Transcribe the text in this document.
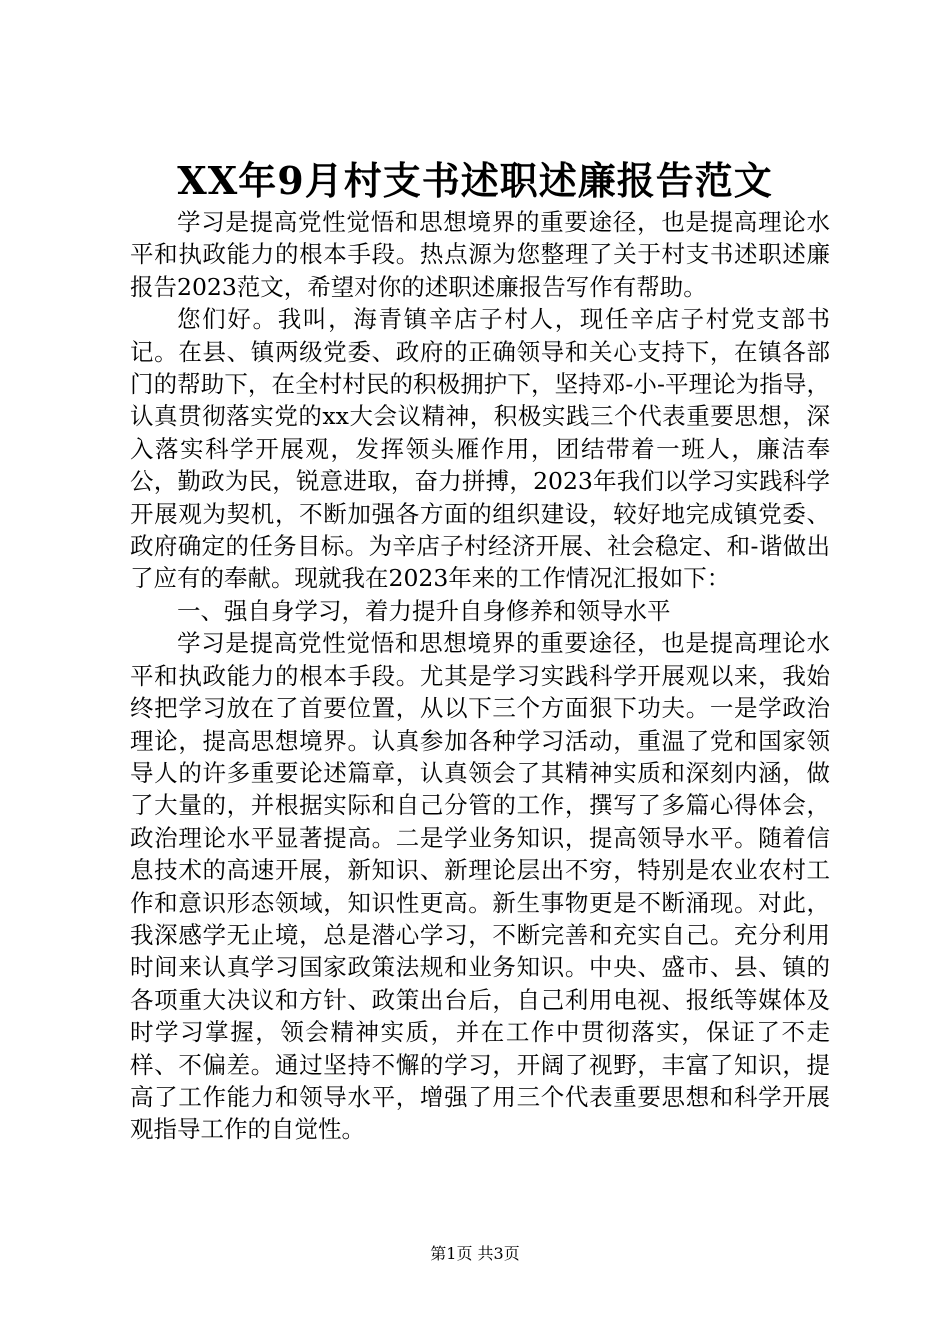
XX年9月村支书述职述廉报告范文

学习是提高党性觉悟和思想境界的重要途径，也是提高理论水平和执政能力的根本手段。热点源为您整理了关于村支书述职述廉报告2023范文，希望对你的述职述廉报告写作有帮助。

您们好。我叫，海青镇辛店子村人，现任辛店子村党支部书记。在县、镇两级党委、政府的正确领导和关心支持下，在镇各部门的帮助下，在全村村民的积极拥护下，坚持邓-小-平理论为指导，认真贯彻落实党的xx大会议精神，积极实践三个代表重要思想，深入落实科学开展观，发挥领头雁作用，团结带着一班人，廉洁奉公，勤政为民，锐意进取，奋力拼搏，2023年我们以学习实践科学开展观为契机，不断加强各方面的组织建设，较好地完成镇党委、政府确定的任务目标。为辛店子村经济开展、社会稳定、和-谐做出了应有的奉献。现就我在2023年来的工作情况汇报如下：

一、强自身学习，着力提升自身修养和领导水平

学习是提高党性觉悟和思想境界的重要途径，也是提高理论水平和执政能力的根本手段。尤其是学习实践科学开展观以来，我始终把学习放在了首要位置，从以下三个方面狠下功夫。一是学政治理论，提高思想境界。认真参加各种学习活动，重温了党和国家领导人的许多重要论述篇章，认真领会了其精神实质和深刻内涵，做了大量的，并根据实际和自己分管的工作，撰写了多篇心得体会，政治理论水平显著提高。二是学业务知识，提高领导水平。随着信息技术的高速开展，新知识、新理论层出不穷，特别是农业农村工作和意识形态领域，知识性更高。新生事物更是不断涌现。对此，我深感学无止境，总是潜心学习，不断完善和充实自己。充分利用时间来认真学习国家政策法规和业务知识。中央、盛市、县、镇的各项重大决议和方针、政策出台后，自己利用电视、报纸等媒体及时学习掌握，领会精神实质，并在工作中贯彻落实，保证了不走样、不偏差。通过坚持不懈的学习，开阔了视野，丰富了知识，提高了工作能力和领导水平，增强了用三个代表重要思想和科学开展观指导工作的自觉性。

第1页 共3页
